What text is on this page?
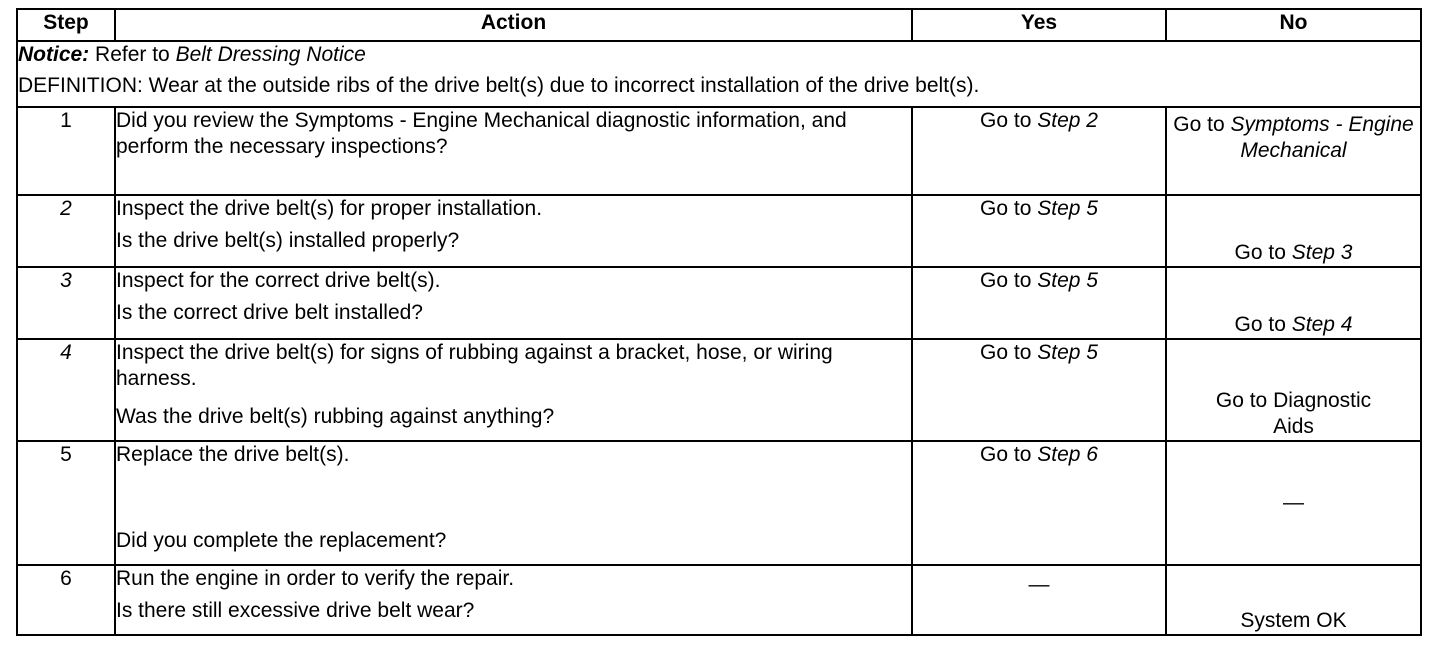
Step	Action	Yes	No

Notice: Refer to Belt Dressing Notice
DEFINITION: Wear at the outside ribs of the drive belt(s) due to incorrect installation of the drive belt(s).			

1	Did you review the Symptoms - Engine Mechanical diagnostic information, and perform the necessary inspections?	Go to Step 2	Go to Symptoms - Engine Mechanical
2	Inspect the drive belt(s) for proper installation.
Is the drive belt(s) installed properly?	Go to Step 5	Go to Step 3
3	Inspect for the correct drive belt(s).
Is the correct drive belt installed?	Go to Step 5	Go to Step 4
4	Inspect the drive belt(s) for signs of rubbing against a bracket, hose, or wiring harness.
Was the drive belt(s) rubbing against anything?	Go to Step 5	Go to Diagnostic Aids
5	Replace the drive belt(s).
Did you complete the replacement?	Go to Step 6	—
6	Run the engine in order to verify the repair.
Is there still excessive drive belt wear?	—	System OK
